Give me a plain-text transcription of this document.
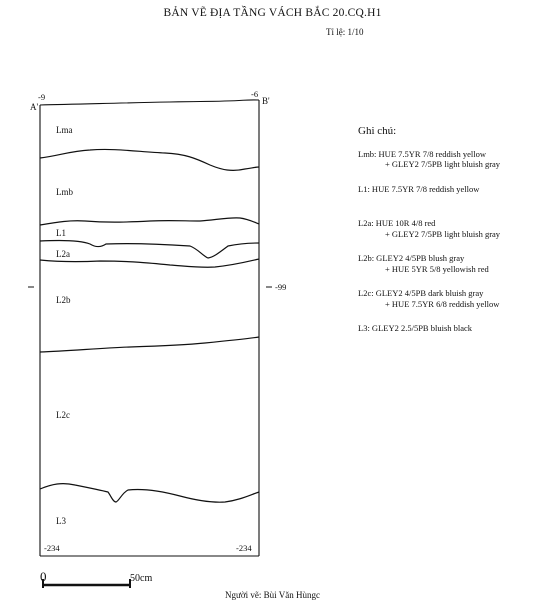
BẢN VẼ ĐỊA TẦNG VÁCH BẮC 20.CQ.H1
Tỉ lệ: 1/10
-9
A'
-6
B'
-99
-234	-234
Lma
Lmb
L1
L2a
L2b
L2c
L3
0	50cm
Ghi chú:
Lmb: HUE 7.5YR 7/8 reddish yellow
+ GLEY2 7/5PB light bluish gray
L1: HUE 7.5YR 7/8 reddish yellow
L2a: HUE 10R 4/8 red
+ GLEY2 7/5PB light bluish gray
L2b: GLEY2 4/5PB blush gray
+ HUE 5YR 5/8 yellowish red
L2c: GLEY2 4/5PB dark bluish gray
+ HUE 7.5YR 6/8 reddish yellow
L3: GLEY2 2.5/5PB bluish black
Người vẽ: Bùi Văn Hùngc
